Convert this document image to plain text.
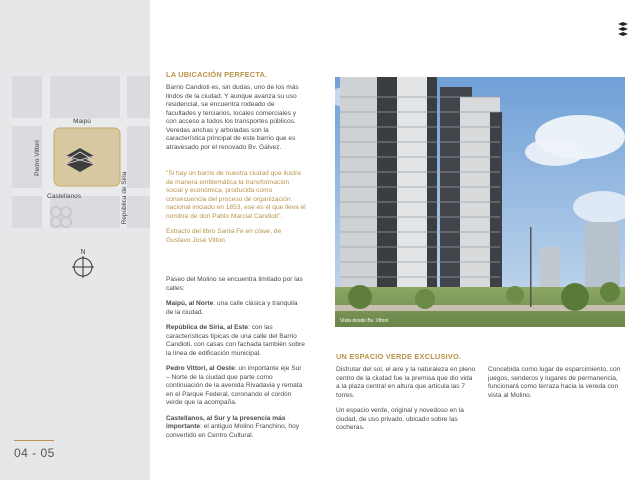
Maipú
Castellanos
Pedro Vittori
República de Siria
N
04 - 05
LA UBICACIÓN PERFECTA.
Barrio Candioti es, sin dudas, uno de los más lindos de la ciudad. Y aunque avanza su uso residencial, se encuentra rodeado de facultades y terciarios, locales comerciales y con acceso a todos los transportes públicos. Veredas anchas y arboladas son la característica principal de este barrio que es atravesado por el renovado Bv. Gálvez.
"Si hay un barrio de nuestra ciudad que ilustre de manera emblemática la transformación social y económica, producida como consecuencia del proceso de organización nacional iniciado en 1853, ese es el que lleva el nombre de don Pablo Marcial Candioti".
Extracto del libro Santa Fe en clave, de Gustavo José Vittori.
Paseo del Molino se encuentra limitado por las calles:
Maipú, al Norte: una calle clásica y tranquila de la ciudad.
República de Siria, al Este: con las características típicas de una calle del Barrio Candioti, con casas con fachada también sobre la línea de edificación municipal.
Pedro Vittori, al Oeste: un importante eje Sur – Norte de la ciudad que parte como continuación de la avenida Rivadavia y remata en el Parque Federal, coronando el cordón verde que la acompaña.
Castellanos, al Sur y la presencia más importante: el antiguo Molino Franchino, hoy convertido en Centro Cultural.
Vista desde Bv. Vittori
UN ESPACIO VERDE EXCLUSIVO.
Disfrutar del sol, el aire y la naturaleza en pleno centro de la ciudad fue la premisa que dio vida a la plaza central en altura que articula las 7 torres.
Un espacio verde, original y novedoso en la ciudad, de uso privado, ubicado sobre las cocheras.
Concebida como lugar de esparcimiento, con juegos, senderos y lugares de permanencia, funcionará como terraza hacia la vereda con vista al Molino.
